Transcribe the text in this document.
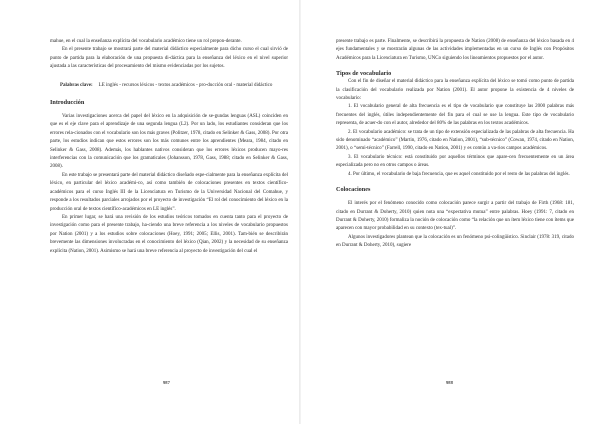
mahue, en el cual la enseñanza explícita del vocabulario académico tiene un rol prepon-derante.

En el presente trabajo se mostrará parte del material didáctico especialmente para dicho curso el cual sirvió de punto de partida para la elaboración de una propuesta di-dáctica para la enseñanza del léxico en el nivel superior ajustada a las características del procesamiento del mismo evidenciadas por los sujetos.

Palabras clave:	LE inglés - recursos léxicos - textos académicos - pro-ducción oral - material didáctico

Introducción

Varias investigaciones acerca del papel del léxico en la adquisición de se-gundas lenguas (ASL) coinciden en que es el eje clave para el aprendizaje de una segunda lengua (L2). Por un lado, los estudiantes consideran que los errores rela-cionados con el vocabulario son los más graves (Politzer, 1978, citado en Selinker & Gass, 2008). Por otra parte, los estudios indican que estos errores son los más comunes entre los aprendientes (Meara, 1984, citado en Selinker & Gass, 2008). Además, los hablantes nativos consideran que los errores léxicos producen mayo-res interferencias con la comunicación que los gramaticales (Johansson, 1978, Gass, 1988; citado en Selinker & Gass, 2008).

En este trabajo se presentará parte del material didáctico diseñado espe-cialmente para la enseñanza explícita del léxico, en particular del léxico académi-co, así como también de colocaciones presentes en textos científico-académicos para el curso Inglés III de la Licenciatura en Turismo de la Universidad Nacional del Comahue, y responde a los resultados parciales arrojados por el proyecto de investigación “El rol del conocimiento del léxico en la producción oral de textos científico-académicos en LE inglés”.

En primer lugar, se hará una revisión de los estudios teóricos tomados en cuenta tanto para el proyecto de investigación como para el presente trabajo, ha-ciendo una breve referencia a los niveles de vocabulario propuestos por Nation (2001) y a los estudios sobre colocaciones (Hoey, 1991; 2005; Ellis, 2001). Tam-bién se describirán brevemente las dimensiones involucradas en el conocimiento del léxico (Qian, 2002) y la necesidad de su enseñanza explícita (Nation, 2001). Asimismo se hará una breve referencia al proyecto de investigación del cual el

987

presente trabajo es parte. Finalmente, se describirá la propuesta de Nation (2008) de enseñanza del léxico basada en 4 ejes fundamentales y se mostrarán algunas de las actividades implementadas en un curso de Inglés con Propósitos Académicos para la Licenciatura en Turismo, UNCo siguiendo los lineamientos propuestos por el autor.

Tipos de vocabulario

Con el fin de diseñar el material didáctico para la enseñanza explícita del léxico se tomó como punto de partida la clasificación del vocabulario realizada por Nation (2001). El autor propone la existencia de 4 niveles de vocabulario:

1. El vocabulario general de alta frecuencia es el tipo de vocabulario que constituye las 2000 palabras más frecuentes del inglés, útiles independientemente del fin para el cual se use la lengua. Este tipo de vocabulario representa, de acuer-do con el autor, alrededor del 80% de las palabras en los textos académicos.

2. El vocabulario académico: se trata de un tipo de extensión especializada de las palabras de alta frecuencia. Ha sido denominado “académico” (Martin, 1976, citado en Nation, 2001), “sub-técnico” (Cowan, 1974, citado en Nation, 2001), o “semi-técnico” (Farrell, 1990, citado en Nation, 2001) y es común a va-rios campos académicos.

3. El vocabulario técnico: está constituido por aquellos términos que apare-cen frecuentemente en un área especializada pero no en otros campos o áreas.

4. Por último, el vocabulario de baja frecuencia, que es aquel constituido por el resto de las palabras del inglés.

Colocaciones

El interés por el fenómeno conocido como colocación parece surgir a partir del trabajo de Firth (1968: 181, citado en Durrant & Doherty, 2010) quien nota una “expectativa mutua” entre palabras. Hoey (1991: 7, citado en Durrant & Doherty, 2010) formaliza la noción de colocación como “la relación que un ítem léxico tiene con ítems que aparecen con mayor probabilidad en su contexto (tex-tual)”.

Algunos investigadores plantean que la colocación es un fenómeno psi-colingüístico. Sinclair (1978: 319, citado en Durrant & Doherty, 2010), sugiere

988
